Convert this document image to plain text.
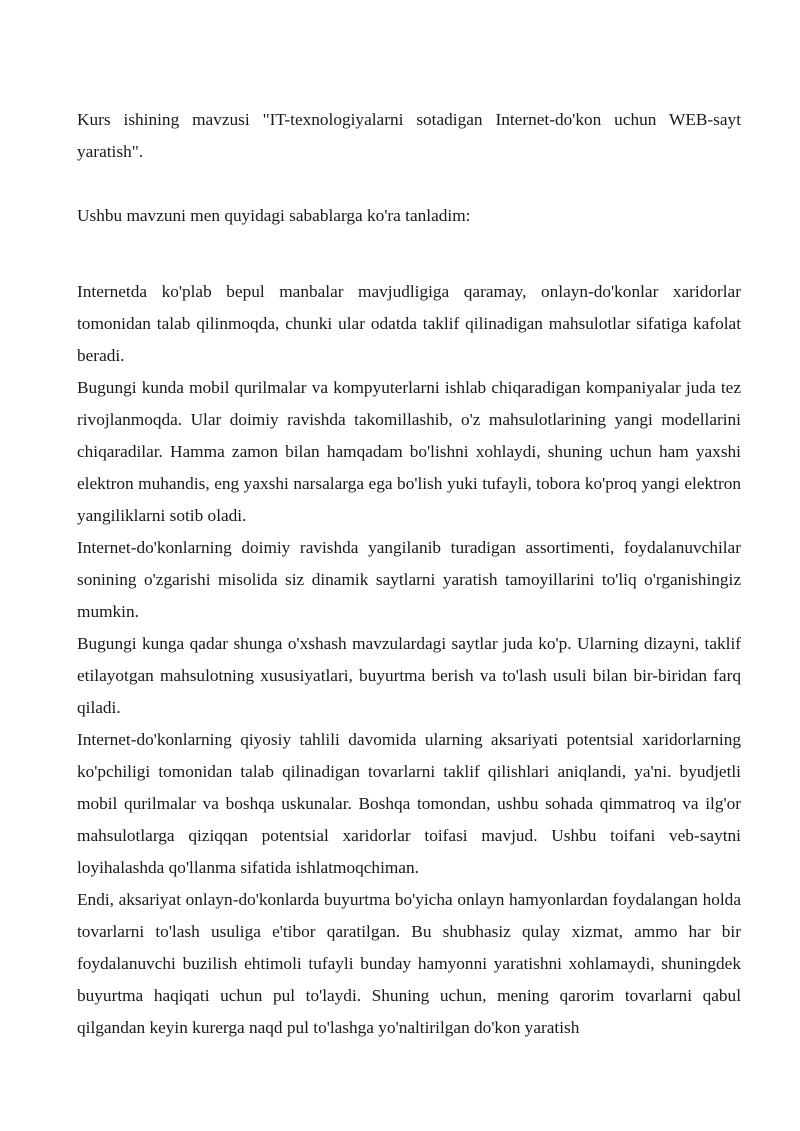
Kurs ishining mavzusi "IT-texnologiyalarni sotadigan Internet-do'kon uchun WEB-sayt yaratish".

Ushbu mavzuni men quyidagi sabablarga ko'ra tanladim:

Internetda ko'plab bepul manbalar mavjudligiga qaramay, onlayn-do'konlar xaridorlar tomonidan talab qilinmoqda, chunki ular odatda taklif qilinadigan mahsulotlar sifatiga kafolat beradi.

Bugungi kunda mobil qurilmalar va kompyuterlarni ishlab chiqaradigan kompaniyalar juda tez rivojlanmoqda. Ular doimiy ravishda takomillashib, o'z mahsulotlarining yangi modellarini chiqaradilar. Hamma zamon bilan hamqadam bo'lishni xohlaydi, shuning uchun ham yaxshi elektron muhandis, eng yaxshi narsalarga ega bo'lish yuki tufayli, tobora ko'proq yangi elektron yangiliklarni sotib oladi.

Internet-do'konlarning doimiy ravishda yangilanib turadigan assortimenti, foydalanuvchilar sonining o'zgarishi misolida siz dinamik saytlarni yaratish tamoyillarini to'liq o'rganishingiz mumkin.

Bugungi kunga qadar shunga o'xshash mavzulardagi saytlar juda ko'p. Ularning dizayni, taklif etilayotgan mahsulotning xususiyatlari, buyurtma berish va to'lash usuli bilan bir-biridan farq qiladi.

Internet-do'konlarning qiyosiy tahlili davomida ularning aksariyati potentsial xaridorlarning ko'pchiligi tomonidan talab qilinadigan tovarlarni taklif qilishlari aniqlandi, ya'ni. byudjetli mobil qurilmalar va boshqa uskunalar. Boshqa tomondan, ushbu sohada qimmatroq va ilg'or mahsulotlarga qiziqqan potentsial xaridorlar toifasi mavjud. Ushbu toifani veb-saytni loyihalashda qo'llanma sifatida ishlatmoqchiman.

Endi, aksariyat onlayn-do'konlarda buyurtma bo'yicha onlayn hamyonlardan foydalangan holda tovarlarni to'lash usuliga e'tibor qaratilgan. Bu shubhasiz qulay xizmat, ammo har bir foydalanuvchi buzilish ehtimoli tufayli bunday hamyonni yaratishni xohlamaydi, shuningdek buyurtma haqiqati uchun pul to'laydi. Shuning uchun, mening qarorim tovarlarni qabul qilgandan keyin kurerga naqd pul to'lashga yo'naltirilgan do'kon yaratish
